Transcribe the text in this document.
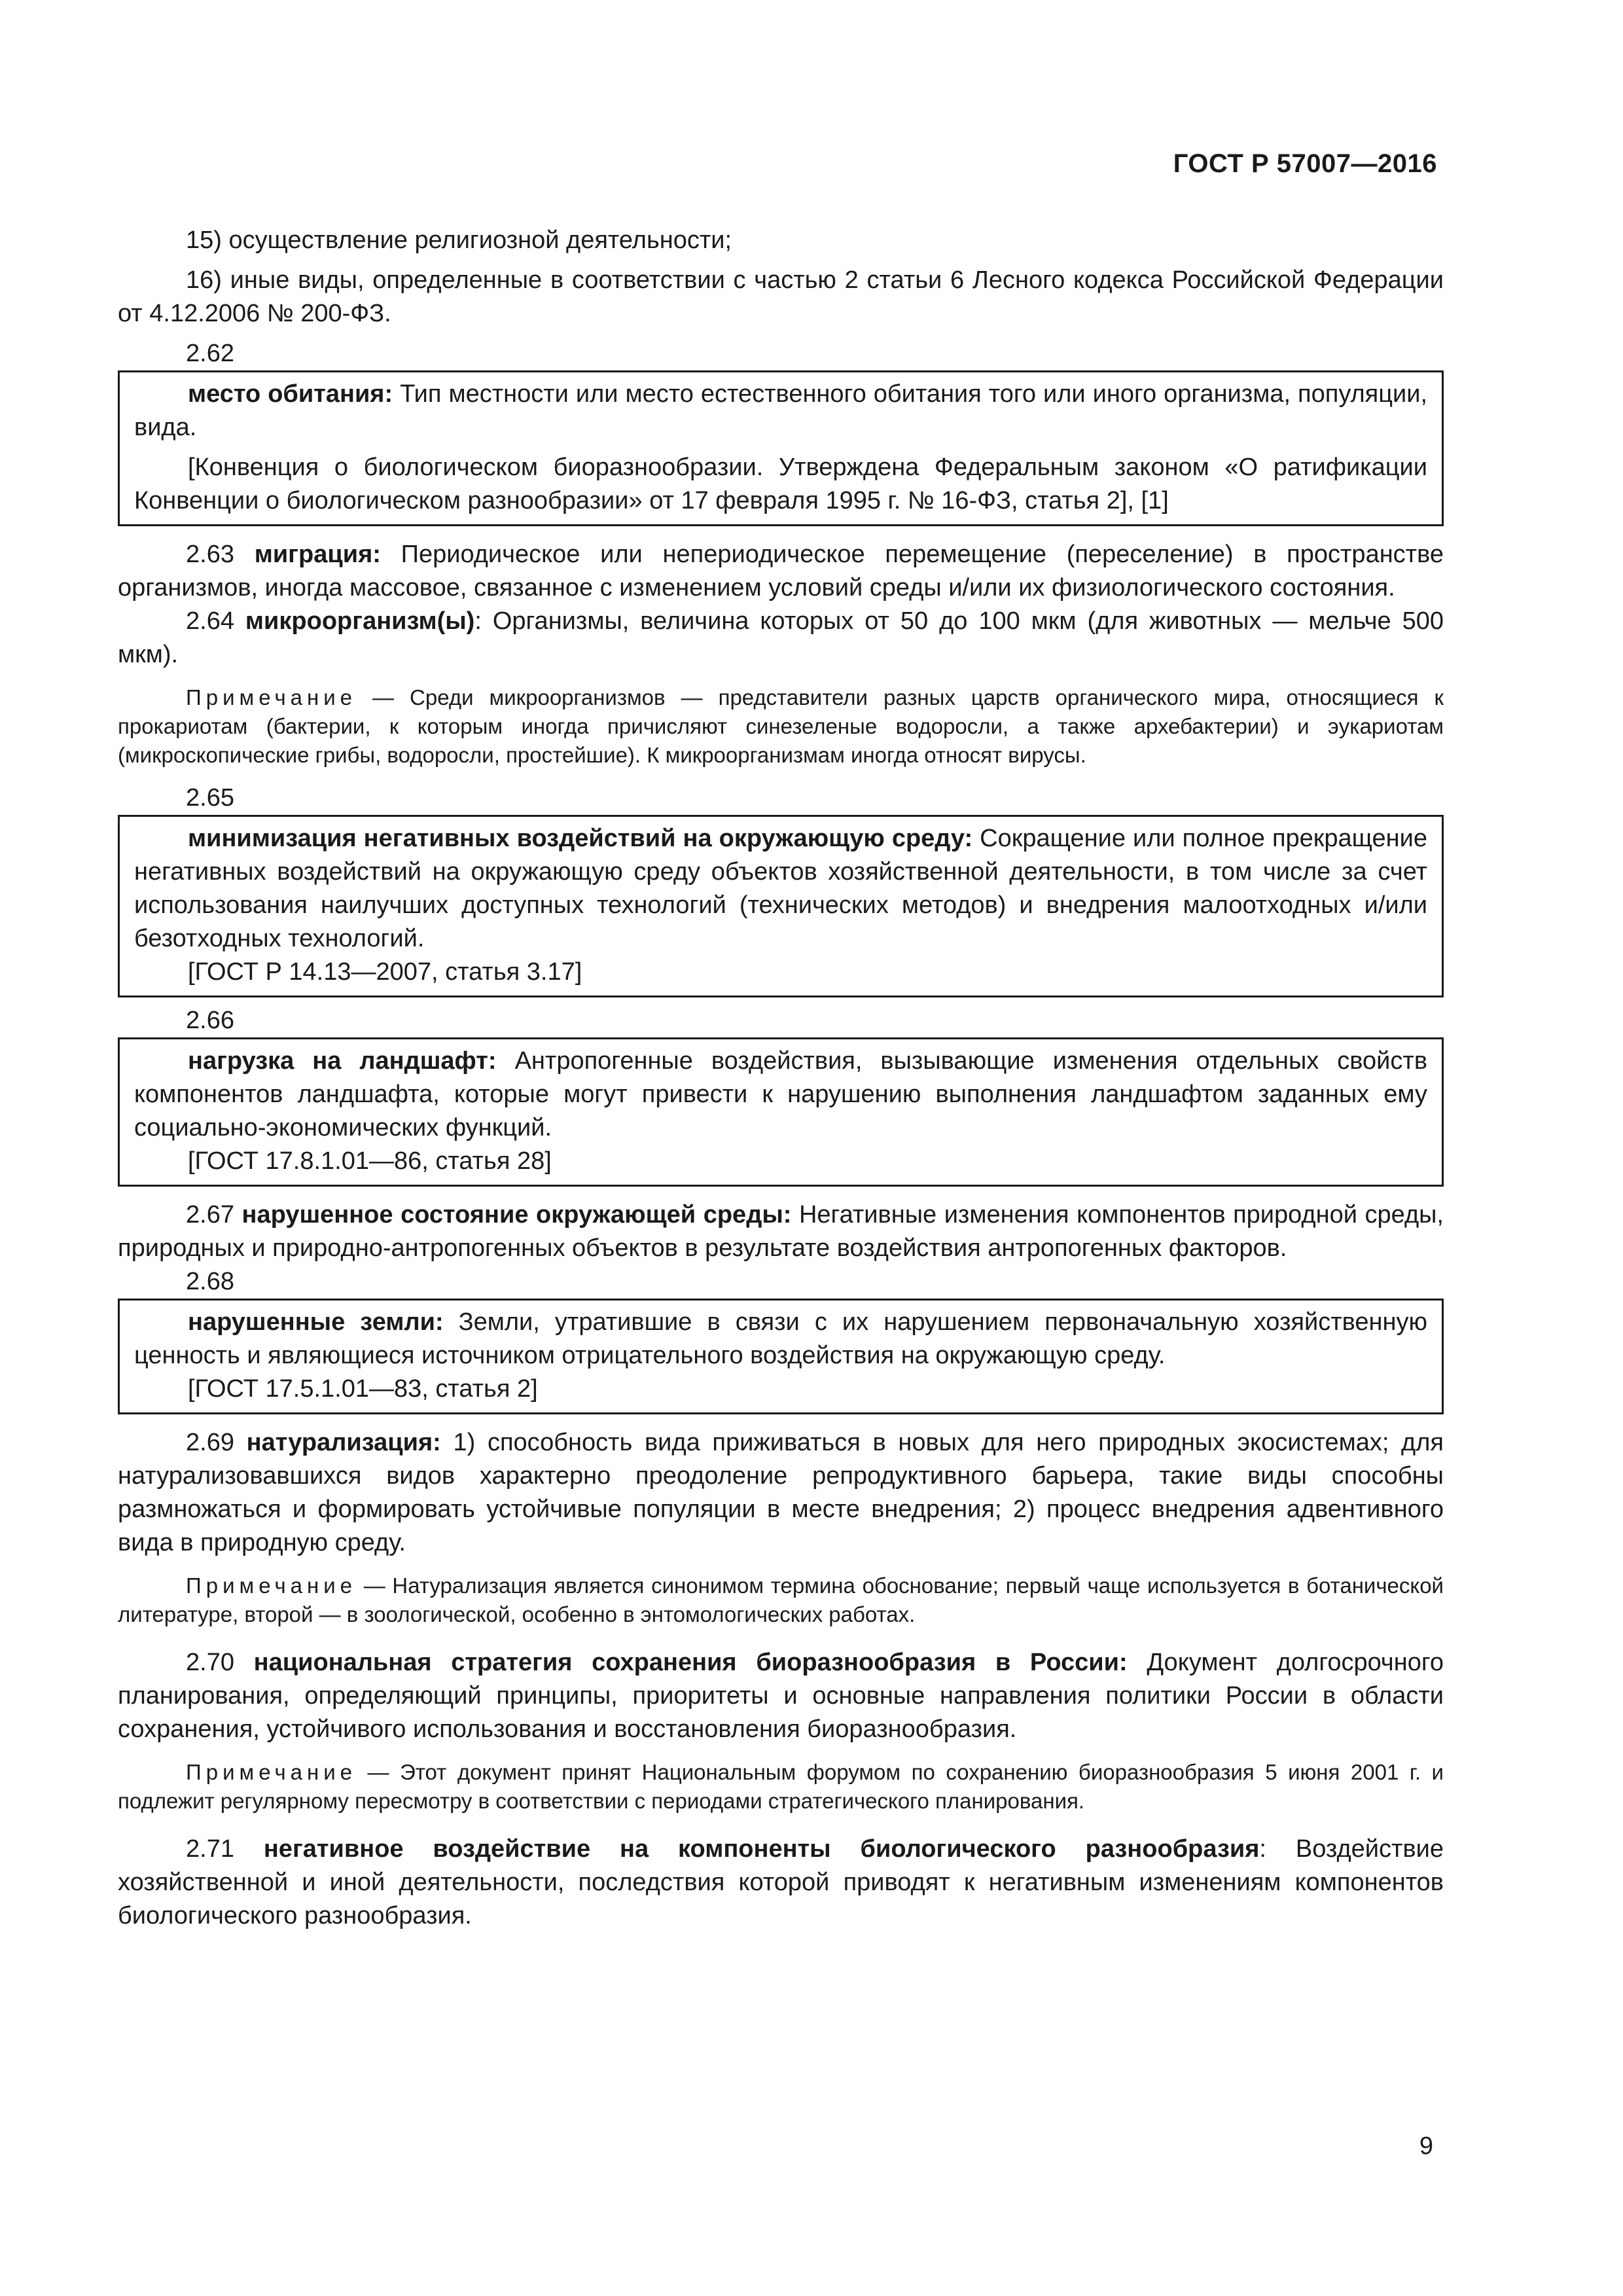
ГОСТ Р 57007—2016

15) осуществление религиозной деятельности;

16) иные виды, определенные в соответствии с частью 2 статьи 6 Лесного кодекса Российской Федерации от 4.12.2006 № 200-ФЗ.

2.62

место обитания: Тип местности или место естественного обитания того или иного организма, популяции, вида.

[Конвенция о биологическом биоразнообразии. Утверждена Федеральным законом «О ратификации Конвенции о биологическом разнообразии» от 17 февраля 1995 г. № 16-ФЗ, статья 2], [1]

2.63 миграция: Периодическое или непериодическое перемещение (переселение) в пространстве организмов, иногда массовое, связанное с изменением условий среды и/или их физиологического состояния.

2.64 микроорганизм(ы): Организмы, величина которых от 50 до 100 мкм (для животных — мельче 500 мкм).

Примечание — Среди микроорганизмов — представители разных царств органического мира, относящиеся к прокариотам (бактерии, к которым иногда причисляют синезеленые водоросли, а также архебактерии) и эукариотам (микроскопические грибы, водоросли, простейшие). К микроорганизмам иногда относят вирусы.

2.65

минимизация негативных воздействий на окружающую среду: Сокращение или полное прекращение негативных воздействий на окружающую среду объектов хозяйственной деятельности, в том числе за счет использования наилучших доступных технологий (технических методов) и внедрения малоотходных и/или безотходных технологий.

[ГОСТ Р 14.13—2007, статья 3.17]

2.66

нагрузка на ландшафт: Антропогенные воздействия, вызывающие изменения отдельных свойств компонентов ландшафта, которые могут привести к нарушению выполнения ландшафтом заданных ему социально-экономических функций.

[ГОСТ 17.8.1.01—86, статья 28]

2.67 нарушенное состояние окружающей среды: Негативные изменения компонентов природной среды, природных и природно-антропогенных объектов в результате воздействия антропогенных факторов.

2.68

нарушенные земли: Земли, утратившие в связи с их нарушением первоначальную хозяйственную ценность и являющиеся источником отрицательного воздействия на окружающую среду.

[ГОСТ 17.5.1.01—83, статья 2]

2.69 натурализация: 1) способность вида приживаться в новых для него природных экосистемах; для натурализовавшихся видов характерно преодоление репродуктивного барьера, такие виды способны размножаться и формировать устойчивые популяции в месте внедрения; 2) процесс внедрения адвентивного вида в природную среду.

Примечание — Натурализация является синонимом термина обоснование; первый чаще используется в ботанической литературе, второй — в зоологической, особенно в энтомологических работах.

2.70 национальная стратегия сохранения биоразнообразия в России: Документ долгосрочного планирования, определяющий принципы, приоритеты и основные направления политики России в области сохранения, устойчивого использования и восстановления биоразнообразия.

Примечание — Этот документ принят Национальным форумом по сохранению биоразнообразия 5 июня 2001 г. и подлежит регулярному пересмотру в соответствии с периодами стратегического планирования.

2.71 негативное воздействие на компоненты биологического разнообразия: Воздействие хозяйственной и иной деятельности, последствия которой приводят к негативным изменениям компонентов биологического разнообразия.

9
